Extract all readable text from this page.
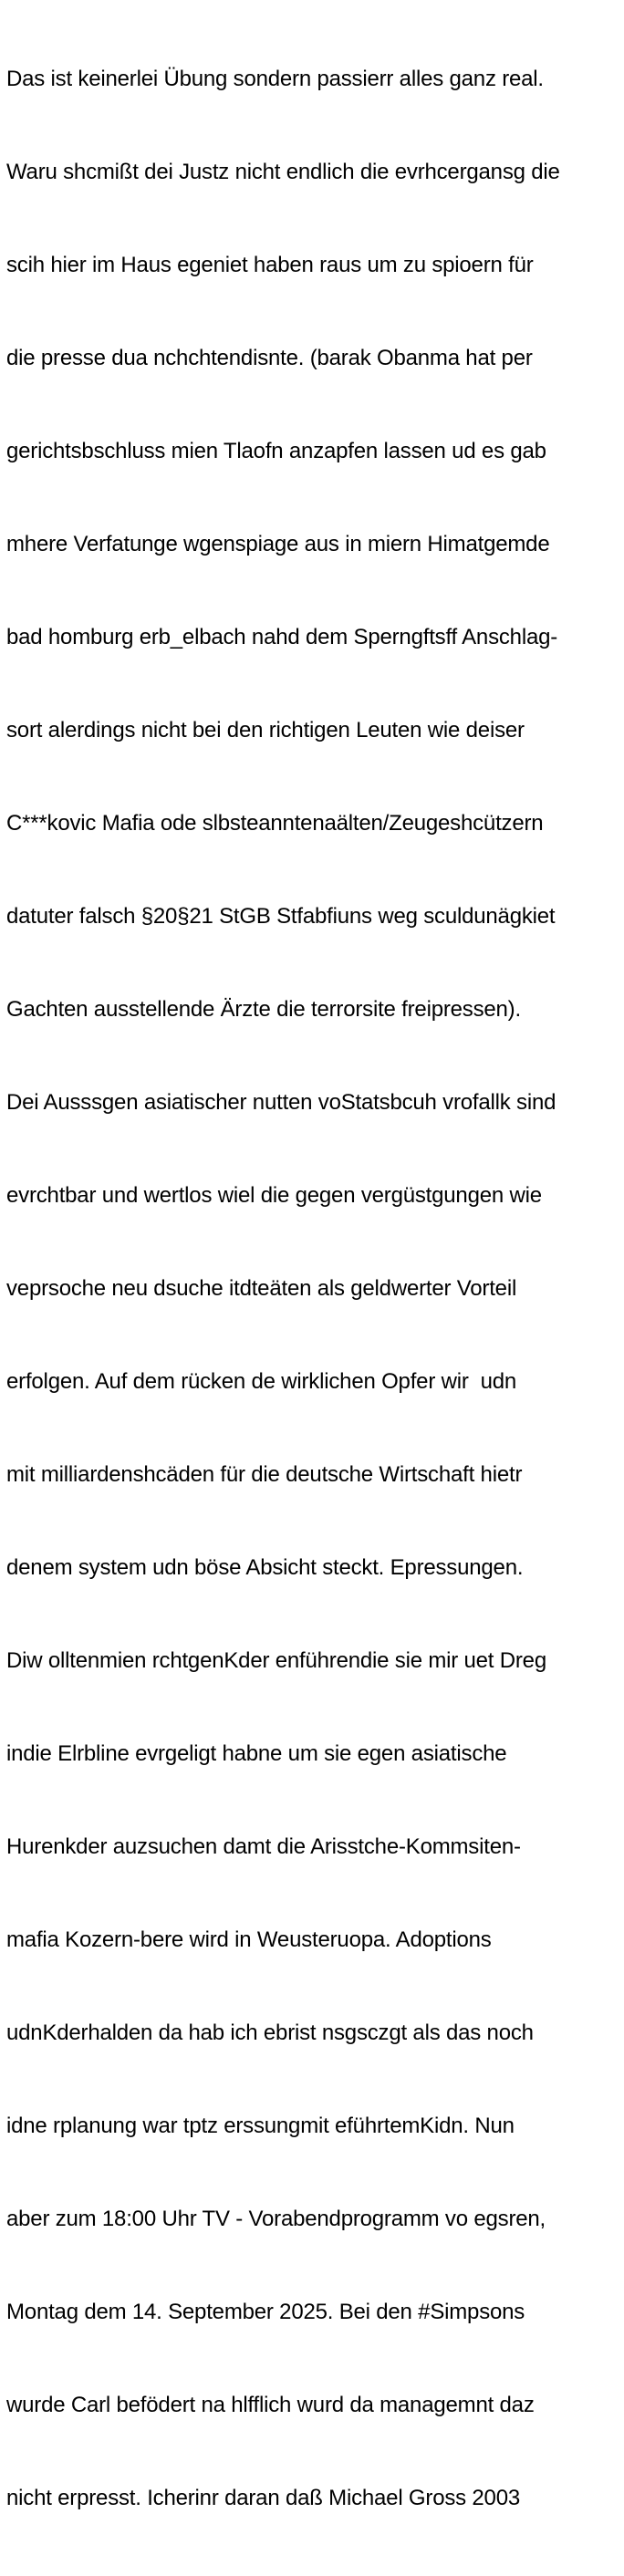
Das ist keinerlei Übung sondern passierr alles ganz real.

Waru shcmißt dei Justz nicht endlich die evrhcergansg die

scih hier im Haus egeniet haben raus um zu spioern für

die presse dua nchchtendisnte. (barak Obanma hat per

gerichtsbschluss mien Tlaofn anzapfen lassen ud es gab

mhere Verfatunge wgenspiage aus in miern Himatgemde

bad homburg erb_elbach nahd dem Sperngftsff Anschlag-

sort alerdings nicht bei den richtigen Leuten wie deiser

C***kovic Mafia ode slbsteanntenaälten/Zeugeshcützern

datuter falsch §20§21 StGB Stfabfiuns weg sculdunägkiet

Gachten ausstellende Ärzte die terrorsite freipressen).

Dei Ausssgen asiatischer nutten voStatsbcuh vrofallk sind

evrchtbar und wertlos wiel die gegen vergüstgungen wie

veprsoche neu dsuche itdteäten als geldwerter Vorteil

erfolgen. Auf dem rücken de wirklichen Opfer wir  udn

mit milliardenshcäden für die deutsche Wirtschaft hietr

denem system udn böse Absicht steckt. Epressungen.

Diw olltenmien rchtgenKder enführendie sie mir uet Dreg

indie Elrbline evrgeligt habne um sie egen asiatische

Hurenkder auzsuchen damt die Arisstche-Kommsiten-

mafia Kozern-bere wird in Weusteruopa. Adoptions

udnKderhalden da hab ich ebrist nsgsczgt als das noch

idne rplanung war tptz erssungmit eführtemKidn. Nun

aber zum 18:00 Uhr TV - Vorabendprogramm vo egsren,

Montag dem 14. September 2025. Bei den #Simpsons

wurde Carl befödert na hlfflich wurd da managemnt daz

nicht erpresst. Icherinr daran daß Michael Gross 2003
